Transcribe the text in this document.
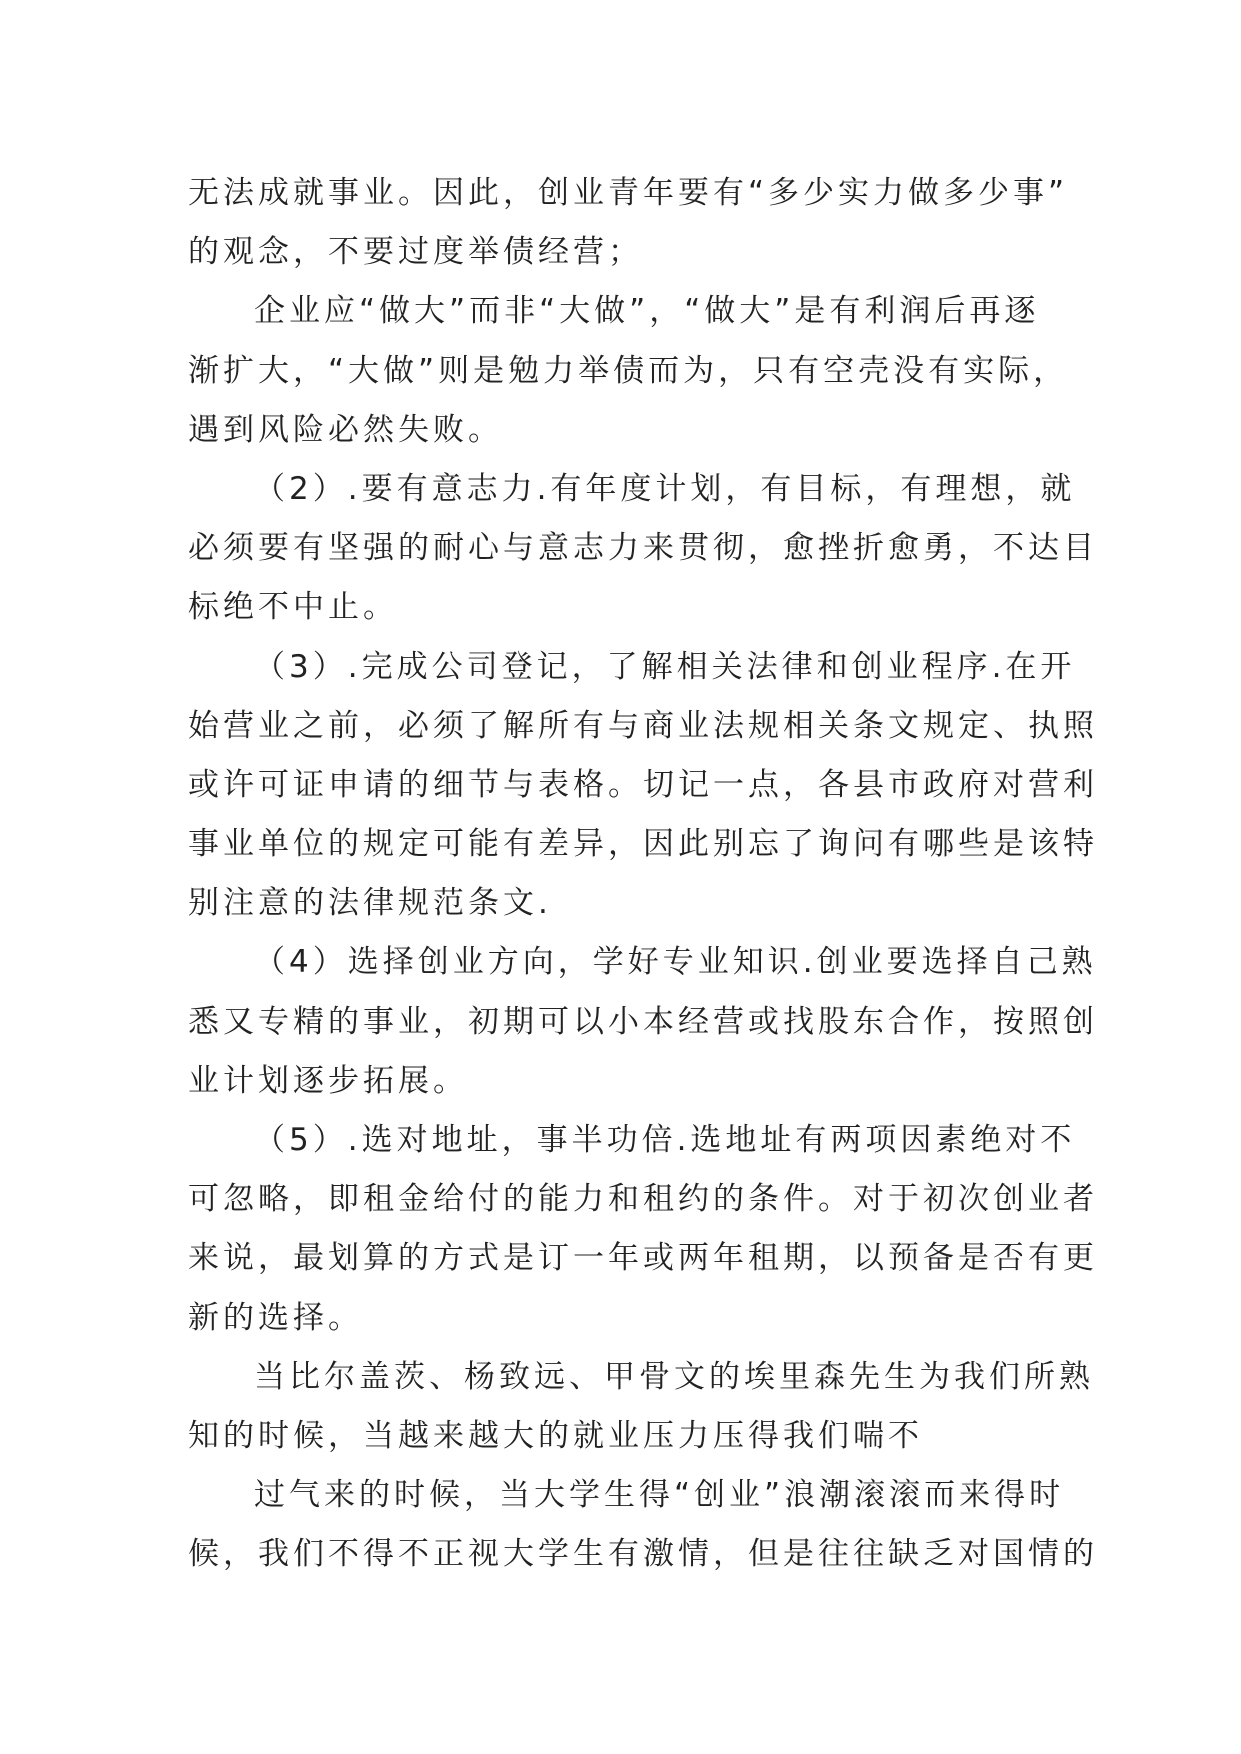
无法成就事业。因此，创业青年要有“多少实力做多少事”
的观念，不要过度举债经营；
企业应“做大”而非“大做”，“做大”是有利润后再逐
渐扩大，“大做”则是勉力举债而为，只有空壳没有实际，
遇到风险必然失败。
（2）.要有意志力.有年度计划，有目标，有理想，就
必须要有坚强的耐心与意志力来贯彻，愈挫折愈勇，不达目
标绝不中止。
（3）.完成公司登记，了解相关法律和创业程序.在开
始营业之前，必须了解所有与商业法规相关条文规定、执照
或许可证申请的细节与表格。切记一点，各县市政府对营利
事业单位的规定可能有差异，因此别忘了询问有哪些是该特
别注意的法律规范条文.
（4）选择创业方向，学好专业知识.创业要选择自己熟
悉又专精的事业，初期可以小本经营或找股东合作，按照创
业计划逐步拓展。
（5）.选对地址，事半功倍.选地址有两项因素绝对不
可忽略，即租金给付的能力和租约的条件。对于初次创业者
来说，最划算的方式是订一年或两年租期，以预备是否有更
新的选择。
当比尔盖茨、杨致远、甲骨文的埃里森先生为我们所熟
知的时候，当越来越大的就业压力压得我们喘不
过气来的时候，当大学生得“创业”浪潮滚滚而来得时
候，我们不得不正视大学生有激情，但是往往缺乏对国情的
